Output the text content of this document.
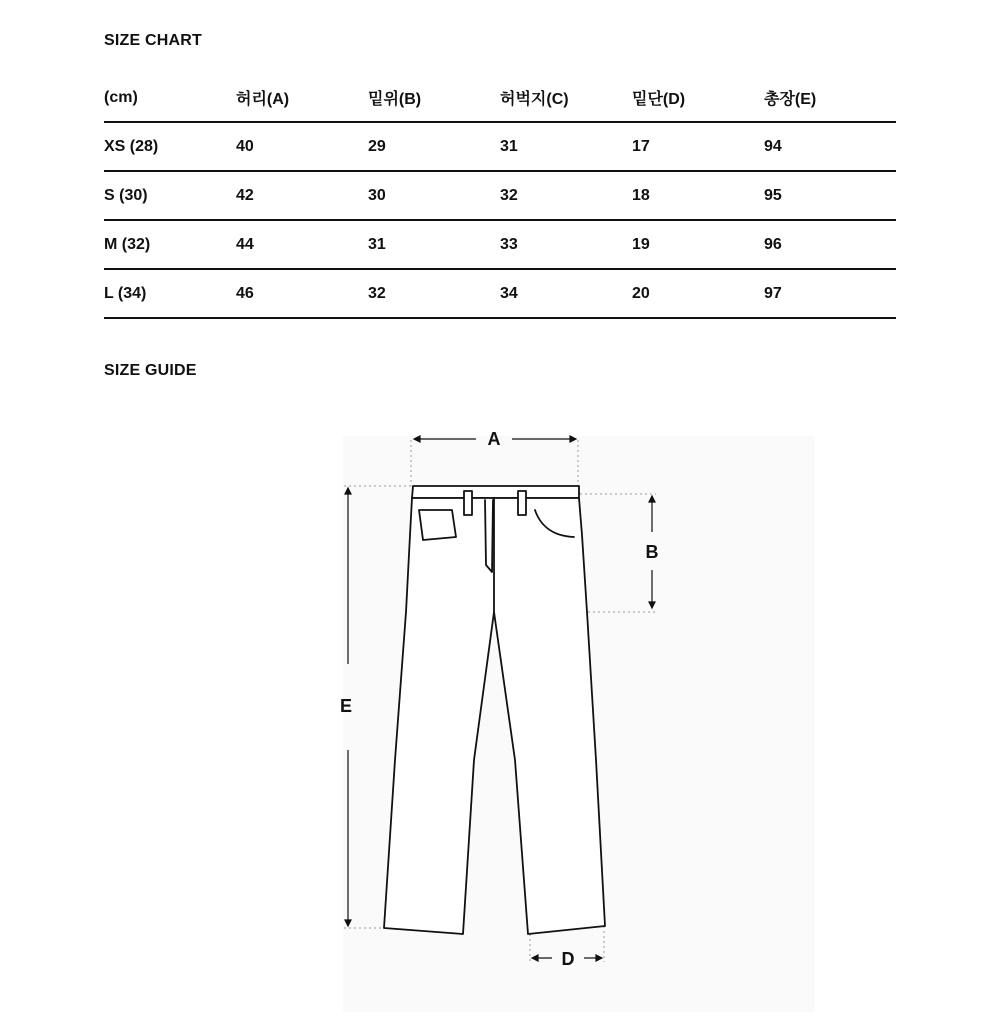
SIZE CHART
(cm)	허리(A)	밑위(B)	허벅지(C)	밑단(D)	총장(E)
XS (28)	40	29	31	17	94
S (30)	42	30	32	18	95
M (32)	44	31	33	19	96
L (34)	46	32	34	20	97
SIZE GUIDE
A
B
D
E
